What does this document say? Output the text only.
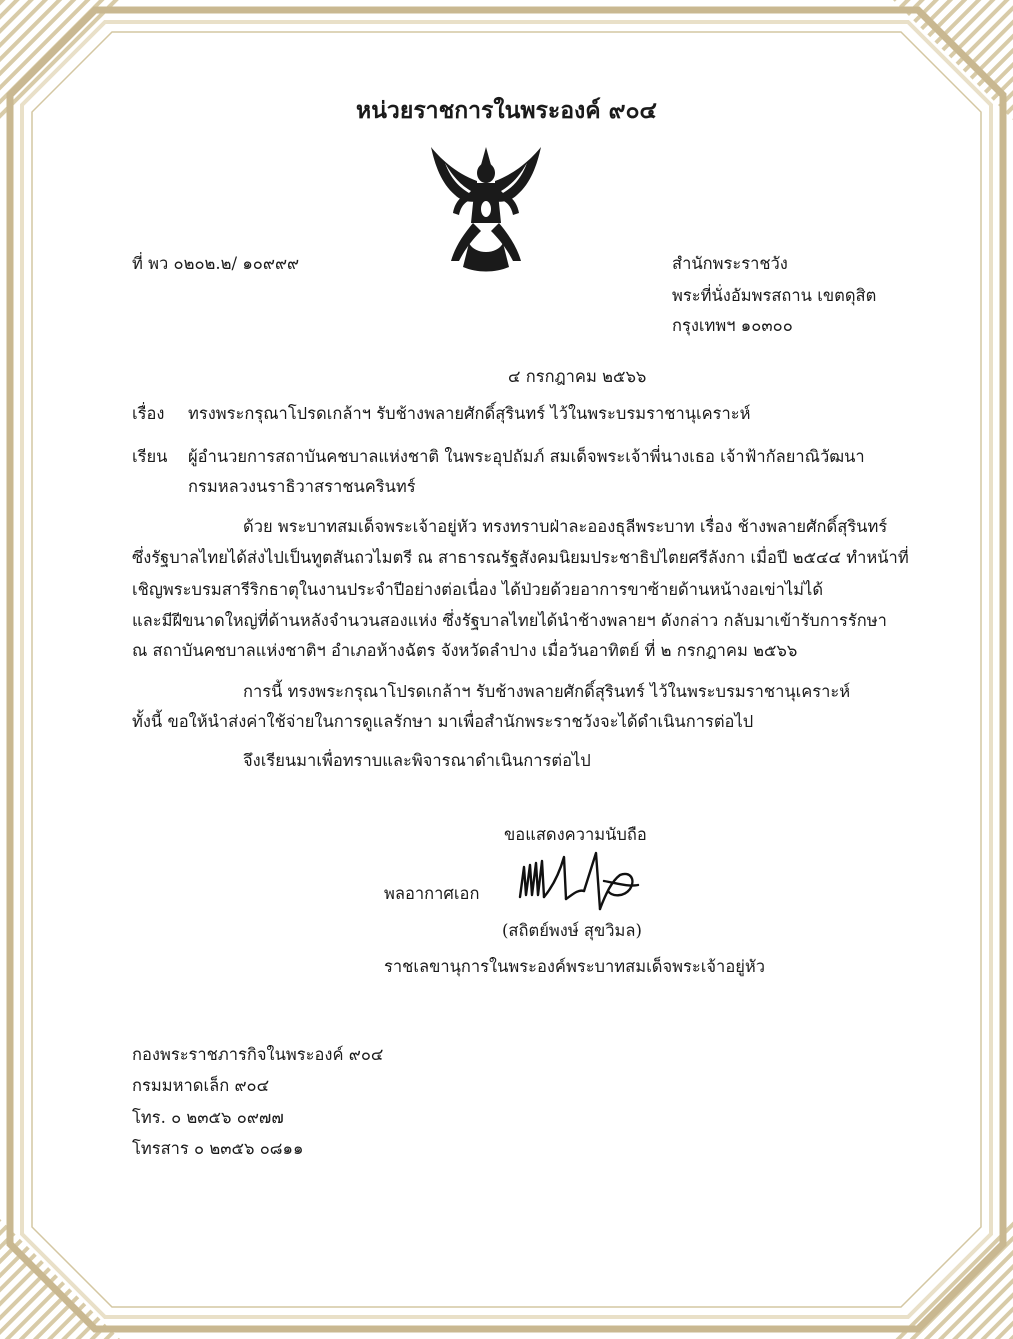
หน่วยราชการในพระองค์ ๙๐๔
ที่ พว ๐๒๐๒.๒/ ๑๐๙๙๙	สำนักพระราชวัง
พระที่นั่งอัมพรสถาน เขตดุสิต
กรุงเทพฯ ๑๐๓๐๐
๔ กรกฎาคม ๒๕๖๖
เรื่อง ทรงพระกรุณาโปรดเกล้าฯ รับช้างพลายศักดิ์สุรินทร์ ไว้ในพระบรมราชานุเคราะห์
เรียน ผู้อำนวยการสถาบันคชบาลแห่งชาติ ในพระอุปถัมภ์ สมเด็จพระเจ้าพี่นางเธอ เจ้าฟ้ากัลยาณิวัฒนา
กรมหลวงนราธิวาสราชนครินทร์
ด้วย พระบาทสมเด็จพระเจ้าอยู่หัว ทรงทราบฝ่าละอองธุลีพระบาท เรื่อง ช้างพลายศักดิ์สุรินทร์
ซึ่งรัฐบาลไทยได้ส่งไปเป็นทูตสันถวไมตรี ณ สาธารณรัฐสังคมนิยมประชาธิปไตยศรีลังกา เมื่อปี ๒๕๔๔ ทำหน้าที่
เชิญพระบรมสารีริกธาตุในงานประจำปีอย่างต่อเนื่อง ได้ป่วยด้วยอาการขาซ้ายด้านหน้างอเข่าไม่ได้
และมีฝีขนาดใหญ่ที่ด้านหลังจำนวนสองแห่ง ซึ่งรัฐบาลไทยได้นำช้างพลายฯ ดังกล่าว กลับมาเข้ารับการรักษา
ณ สถาบันคชบาลแห่งชาติฯ อำเภอห้างฉัตร จังหวัดลำปาง เมื่อวันอาทิตย์ ที่ ๒ กรกฎาคม ๒๕๖๖
การนี้ ทรงพระกรุณาโปรดเกล้าฯ รับช้างพลายศักดิ์สุรินทร์ ไว้ในพระบรมราชานุเคราะห์
ทั้งนี้ ขอให้นำส่งค่าใช้จ่ายในการดูแลรักษา มาเพื่อสำนักพระราชวังจะได้ดำเนินการต่อไป
จึงเรียนมาเพื่อทราบและพิจารณาดำเนินการต่อไป
ขอแสดงความนับถือ
พลอากาศเอก
(สถิตย์พงษ์ สุขวิมล)
ราชเลขานุการในพระองค์พระบาทสมเด็จพระเจ้าอยู่หัว
กองพระราชภารกิจในพระองค์ ๙๐๔
กรมมหาดเล็ก ๙๐๔
โทร. ๐ ๒๓๕๖ ๐๙๗๗
โทรสาร ๐ ๒๓๕๖ ๐๘๑๑
